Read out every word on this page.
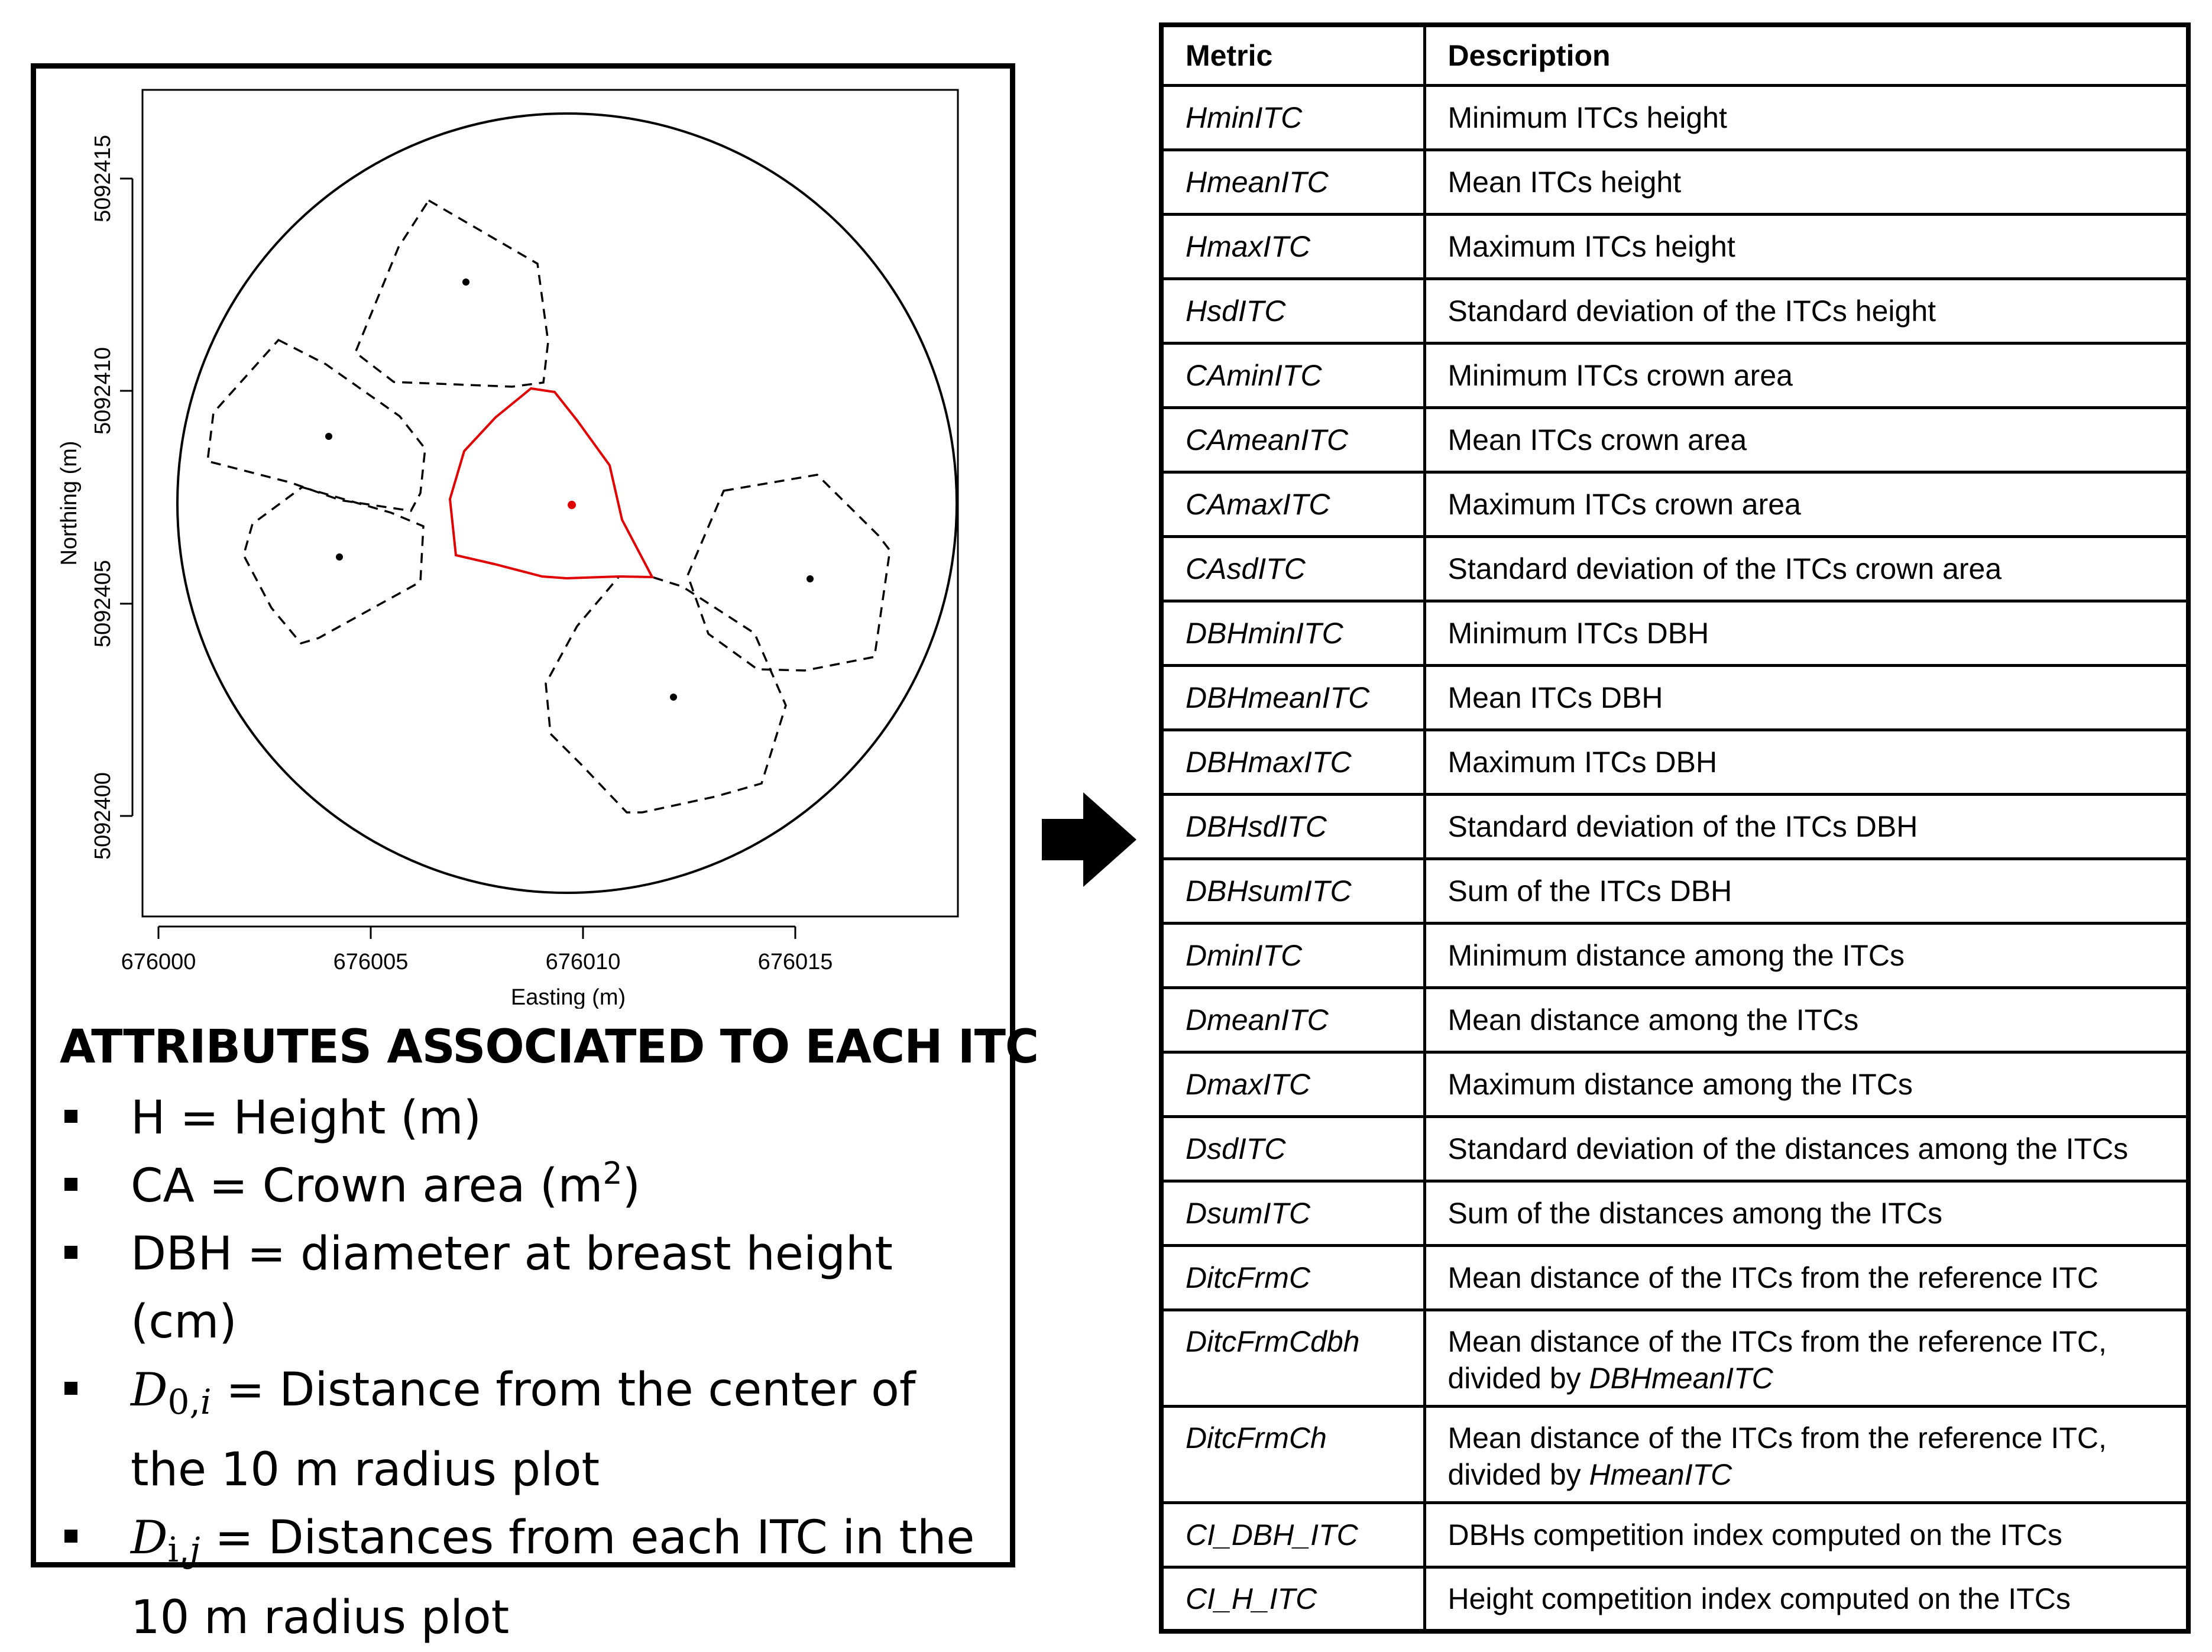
676000	676005	676010	676015
Easting (m)
5092400
5092405
5092410
5092415
Northing (m)
ATTRIBUTES ASSOCIATED TO EACH ITC
H = Height (m)
CA = Crown area $(m^2)$
DBH = diameter at breast height (cm)
$D_{0,i}$ = Distance from the center of the 10 m radius plot
$D_{i,j}$ = Distances from each ITC in the 10 m radius plot
Metric	Description
HminITC	Minimum ITCs height
HmeanITC	Mean ITCs height
HmaxITC	Maximum ITCs height
HsdITC	Standard deviation of the ITCs height
CAminITC	Minimum ITCs crown area
CAmeanITC	Mean ITCs crown area
CAmaxITC	Maximum ITCs crown area
CAsdITC	Standard deviation of the ITCs crown area
DBHminITC	Minimum ITCs DBH
DBHmeanITC	Mean ITCs DBH
DBHmaxITC	Maximum ITCs DBH
DBHsdITC	Standard deviation of the ITCs DBH
DBHsumITC	Sum of the ITCs DBH
DminITC	Minimum distance among the ITCs
DmeanITC	Mean distance among the ITCs
DmaxITC	Maximum distance among the ITCs
DsdITC	Standard deviation of the distances among the ITCs
DsumITC	Sum of the distances among the ITCs
DitcFrmC	Mean distance of the ITCs from the reference ITC
DitcFrmCdbh	Mean distance of the ITCs from the reference ITC,
divided by DBHmeanITC
DitcFrmCh	Mean distance of the ITCs from the reference ITC,
divided by HmeanITC
CI_DBH_ITC	DBHs competition index computed on the ITCs
CI_H_ITC	Height competition index computed on the ITCs
